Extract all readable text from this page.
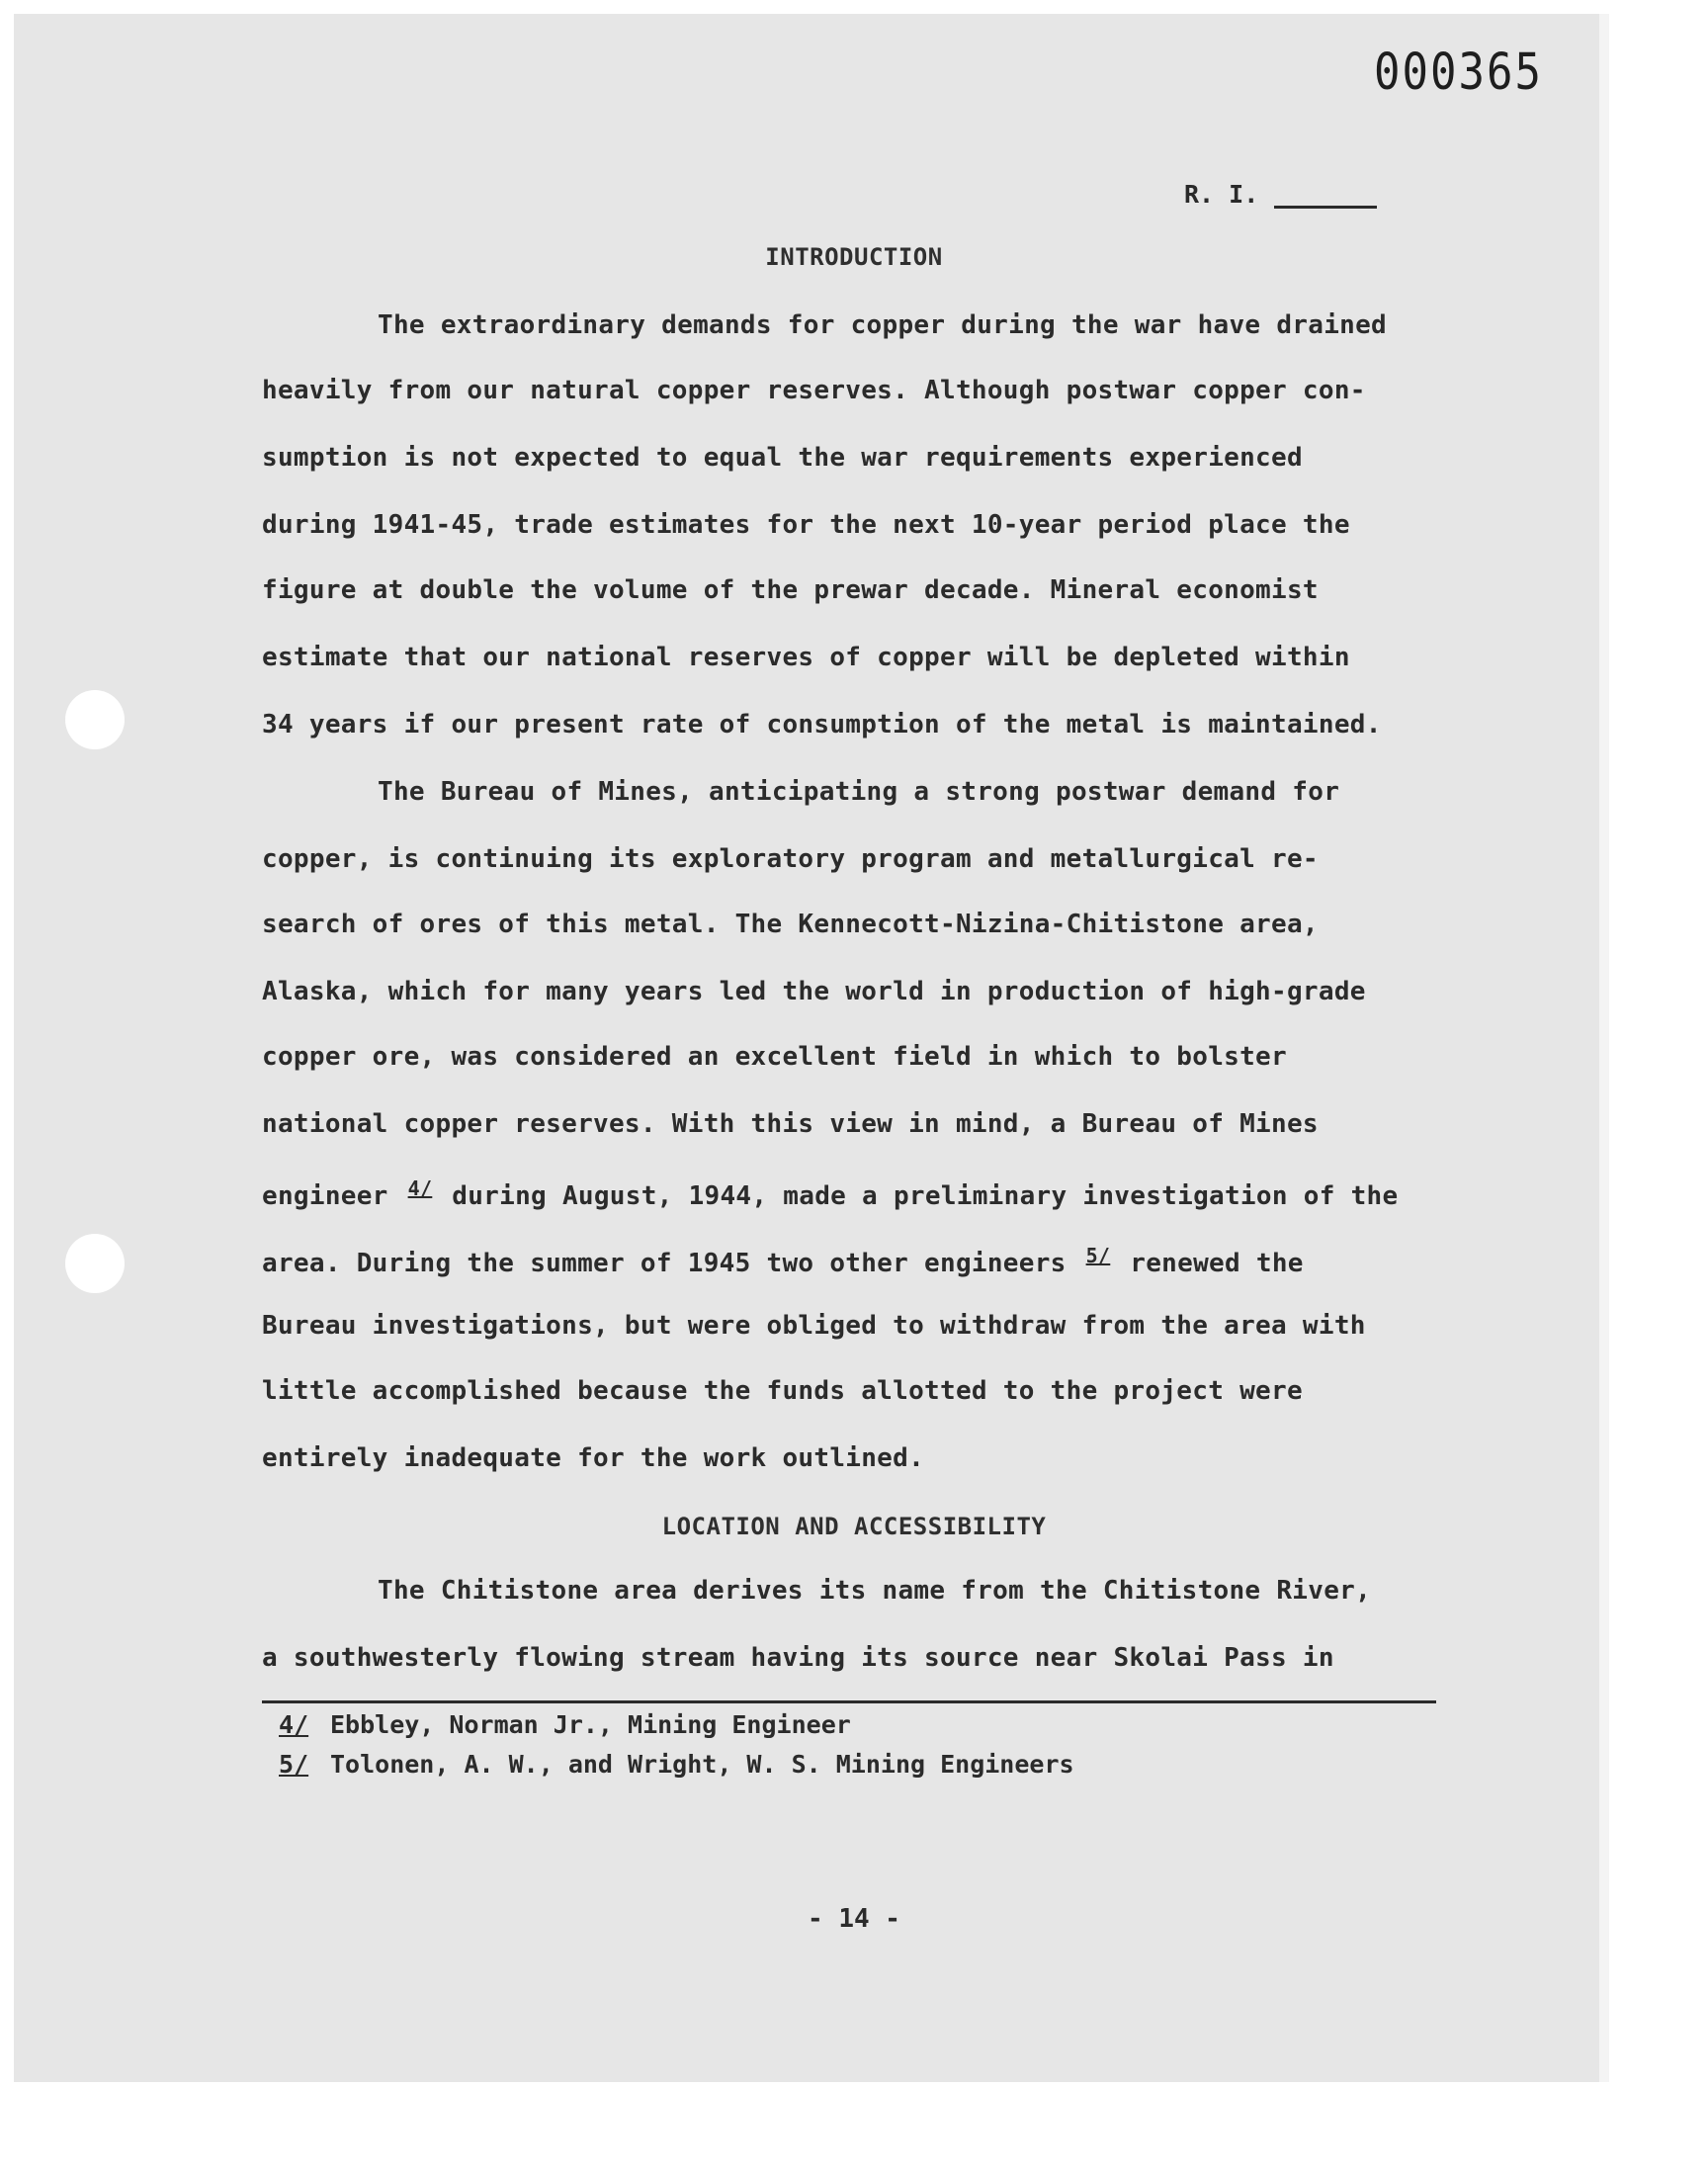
000365
R. I.
INTRODUCTION
The extraordinary demands for copper during the war have drained
heavily from our natural copper reserves. Although postwar copper con-
sumption is not expected to equal the war requirements experienced
during 1941-45, trade estimates for the next 10-year period place the
figure at double the volume of the prewar decade. Mineral economist
estimate that our national reserves of copper will be depleted within
34 years if our present rate of consumption of the metal is maintained.
The Bureau of Mines, anticipating a strong postwar demand for
copper, is continuing its exploratory program and metallurgical re-
search of ores of this metal. The Kennecott-Nizina-Chitistone area,
Alaska, which for many years led the world in production of high-grade
copper ore, was considered an excellent field in which to bolster
national copper reserves. With this view in mind, a Bureau of Mines
engineer $^{4/}$ during August, 1944, made a preliminary investigation of the
area. During the summer of 1945 two other engineers $^{5/}$ renewed the
Bureau investigations, but were obliged to withdraw from the area with
little accomplished because the funds allotted to the project were
entirely inadequate for the work outlined.
LOCATION AND ACCESSIBILITY
The Chitistone area derives its name from the Chitistone River,
a southwesterly flowing stream having its source near Skolai Pass in
4/ Ebbley, Norman Jr., Mining Engineer
5/ Tolonen, A. W., and Wright, W. S. Mining Engineers
- 14 -
